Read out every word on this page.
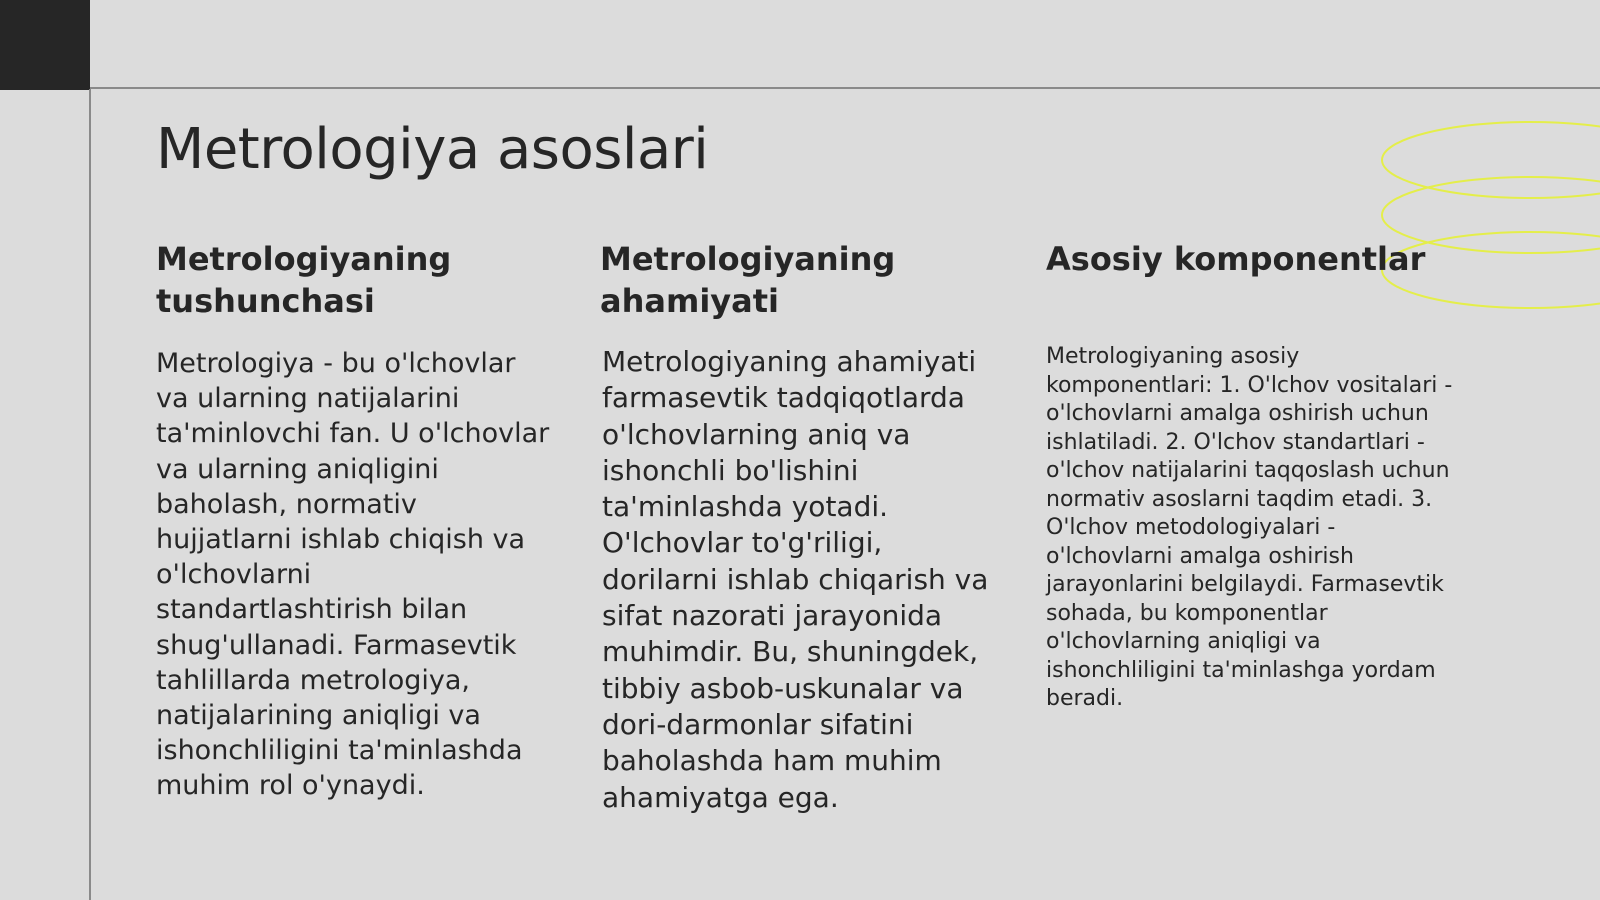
Metrologiya asoslari
Metrologiyaning tushunchasi

Metrologiya - bu o'lchovlar va ularning natijalarini ta'minlovchi fan. U o'lchovlar va ularning aniqligini baholash, normativ hujjatlarni ishlab chiqish va o'lchovlarni standartlashtirish bilan shug'ullanadi. Farmasevtik tahlillarda metrologiya, natijalarining aniqligi va ishonchliligini ta'minlashda muhim rol o'ynaydi.

Metrologiyaning ahamiyati

Metrologiyaning ahamiyati farmasevtik tadqiqotlarda o'lchovlarning aniq va ishonchli bo'lishini ta'minlashda yotadi. O'lchovlar to'g'riligi, dorilarni ishlab chiqarish va sifat nazorati jarayonida muhimdir. Bu, shuningdek, tibbiy asbob-uskunalar va dori-darmonlar sifatini baholashda ham muhim ahamiyatga ega.

Asosiy komponentlar

Metrologiyaning asosiy komponentlari: 1. O'lchov vositalari - o'lchovlarni amalga oshirish uchun ishlatiladi. 2. O'lchov standartlari - o'lchov natijalarini taqqoslash uchun normativ asoslarni taqdim etadi. 3. O'lchov metodologiyalari - o'lchovlarni amalga oshirish jarayonlarini belgilaydi. Farmasevtik sohada, bu komponentlar o'lchovlarning aniqligi va ishonchliligini ta'minlashga yordam beradi.
